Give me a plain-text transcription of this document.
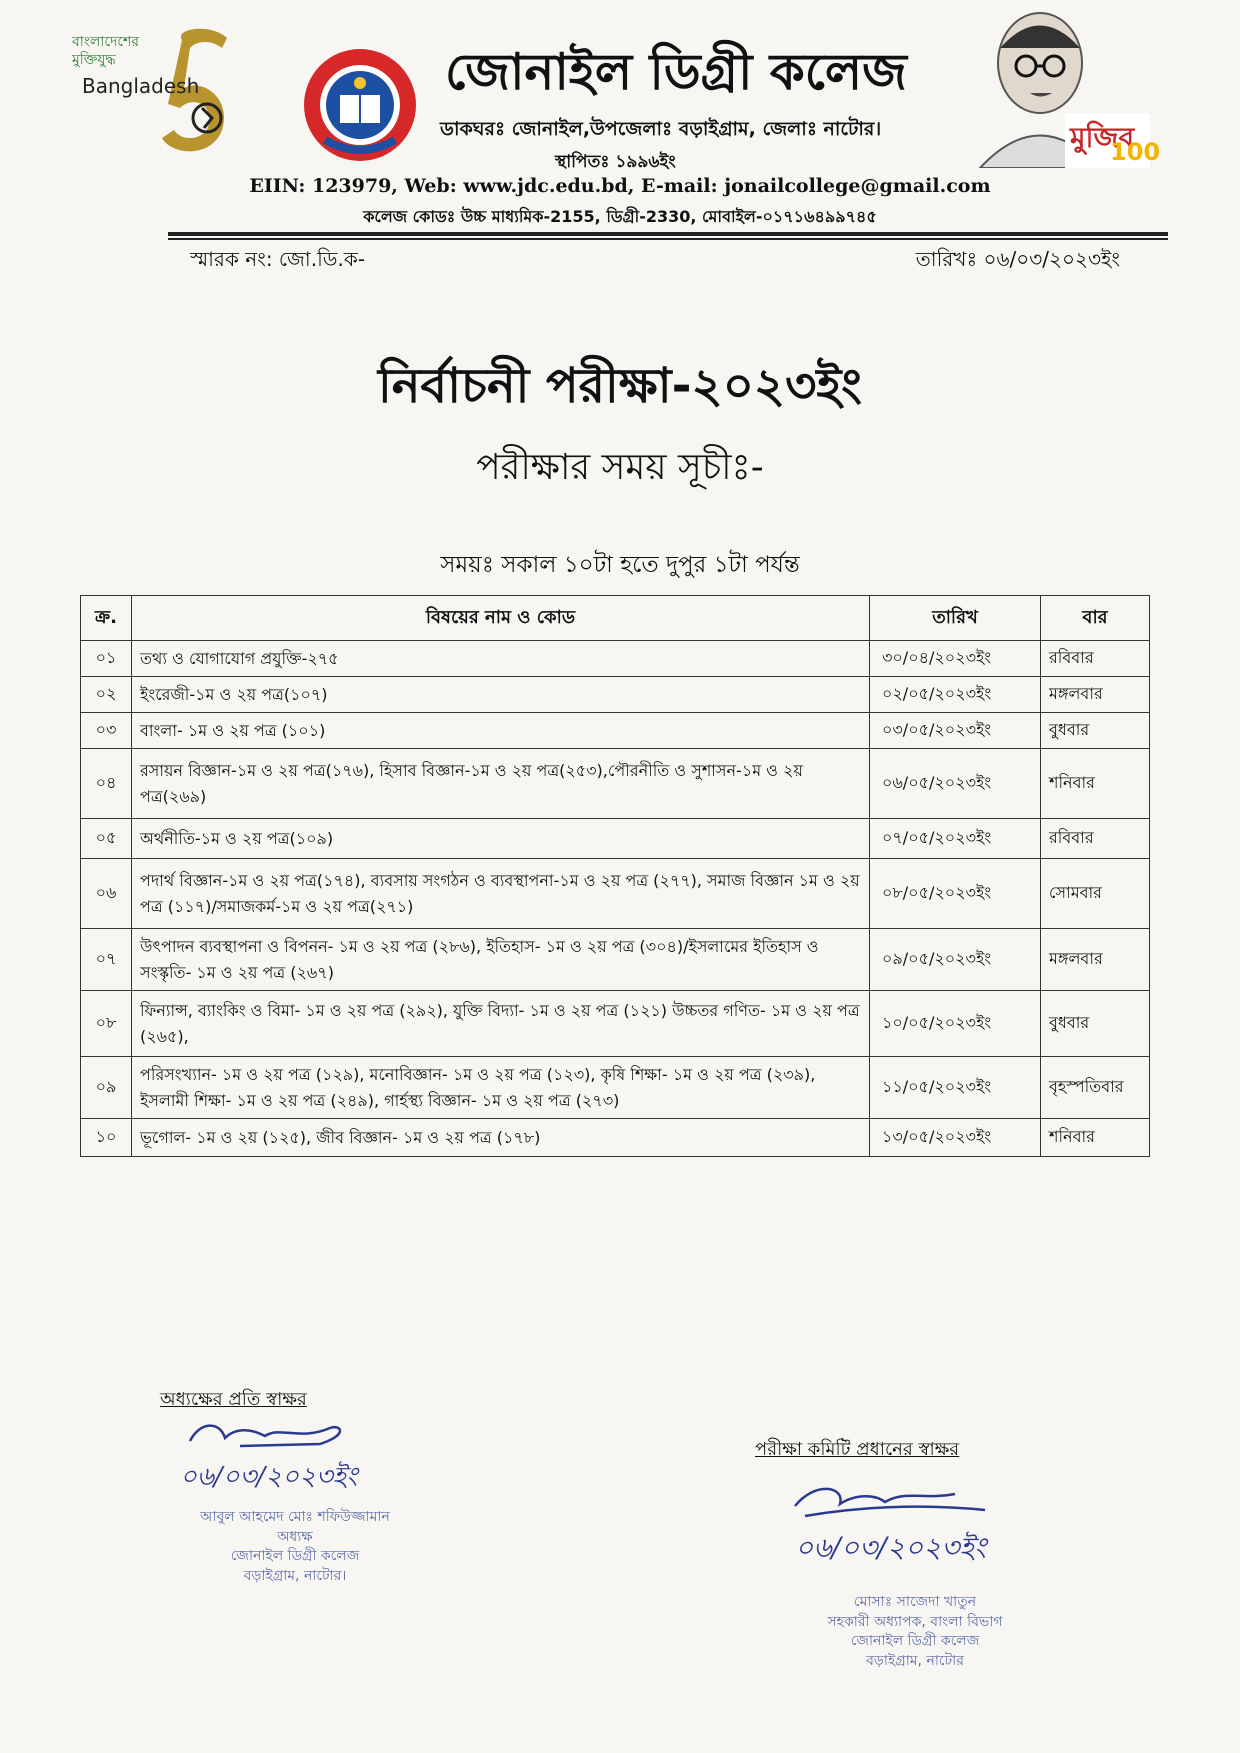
বাংলাদেশের
মুক্তিযুদ্ধ
Bangladesh
মুজিব
100
জোনাইল ডিগ্রী কলেজ
ডাকঘরঃ জোনাইল,উপজেলাঃ বড়াইগ্রাম, জেলাঃ নাটোর।
স্থাপিতঃ ১৯৯৬ইং
EIIN: 123979, Web: www.jdc.edu.bd, E-mail: jonailcollege@gmail.com
কলেজ কোডঃ উচ্চ মাধ্যমিক-2155, ডিগ্রী-2330, মোবাইল-০১৭১৬৪৯৯৭৪৫
স্মারক নং: জো.ডি.ক-	তারিখঃ ০৬/০৩/২০২৩ইং
নির্বাচনী পরীক্ষা-২০২৩ইং
পরীক্ষার সময় সূচীঃ-
সময়ঃ সকাল ১০টা হতে দুপুর ১টা পর্যন্ত
ক্র.	বিষয়ের নাম ও কোড	তারিখ	বার
০১	তথ্য ও যোগাযোগ প্রযুক্তি-২৭৫	৩০/০৪/২০২৩ইং	রবিবার
০২	ইংরেজী-১ম ও ২য় পত্র(১০৭)	০২/০৫/২০২৩ইং	মঙ্গলবার
০৩	বাংলা- ১ম ও ২য় পত্র (১০১)	০৩/০৫/২০২৩ইং	বুধবার
০৪	রসায়ন বিজ্ঞান-১ম ও ২য় পত্র(১৭৬), হিসাব বিজ্ঞান-১ম ও ২য় পত্র(২৫৩),পৌরনীতি ও সুশাসন-১ম ও ২য় পত্র(২৬৯)	০৬/০৫/২০২৩ইং	শনিবার
০৫	অর্থনীতি-১ম ও ২য় পত্র(১০৯)	০৭/০৫/২০২৩ইং	রবিবার
০৬	পদার্থ বিজ্ঞান-১ম ও ২য় পত্র(১৭৪), ব্যবসায় সংগঠন ও ব্যবস্থাপনা-১ম ও ২য় পত্র (২৭৭), সমাজ বিজ্ঞান ১ম ও ২য় পত্র (১১৭)/সমাজকর্ম-১ম ও ২য় পত্র(২৭১)	০৮/০৫/২০২৩ইং	সোমবার
০৭	উৎপাদন ব্যবস্থাপনা ও বিপনন- ১ম ও ২য় পত্র (২৮৬), ইতিহাস- ১ম ও ২য় পত্র (৩০৪)/ইসলামের ইতিহাস ও সংস্কৃতি- ১ম ও ২য় পত্র (২৬৭)	০৯/০৫/২০২৩ইং	মঙ্গলবার
০৮	ফিন্যান্স, ব্যাংকিং ও বিমা- ১ম ও ২য় পত্র (২৯২), যুক্তি বিদ্যা- ১ম ও ২য় পত্র (১২১) উচ্চতর গণিত- ১ম ও ২য় পত্র (২৬৫),	১০/০৫/২০২৩ইং	বুধবার
০৯	পরিসংখ্যান- ১ম ও ২য় পত্র (১২৯), মনোবিজ্ঞান- ১ম ও ২য় পত্র (১২৩), কৃষি শিক্ষা- ১ম ও ২য় পত্র (২৩৯), ইসলামী শিক্ষা- ১ম ও ২য় পত্র (২৪৯), গার্হস্থ্য বিজ্ঞান- ১ম ও ২য় পত্র (২৭৩)	১১/০৫/২০২৩ইং	বৃহস্পতিবার
১০	ভূগোল- ১ম ও ২য় (১২৫), জীব বিজ্ঞান- ১ম ও ২য় পত্র (১৭৮)	১৩/০৫/২০২৩ইং	শনিবার
অধ্যক্ষের প্রতি স্বাক্ষর
০৬/০৩/২০২৩ইং
আবুল আহমেদ মোঃ শফিউজ্জামান
অধ্যক্ষ
জোনাইল ডিগ্রী কলেজ
বড়াইগ্রাম, নাটোর।
পরীক্ষা কমিটি প্রধানের স্বাক্ষর
০৬/০৩/২০২৩ইং
মোসাঃ সাজেদা খাতুন
সহকারী অধ্যাপক, বাংলা বিভাগ
জোনাইল ডিগ্রী কলেজ
বড়াইগ্রাম, নাটোর
